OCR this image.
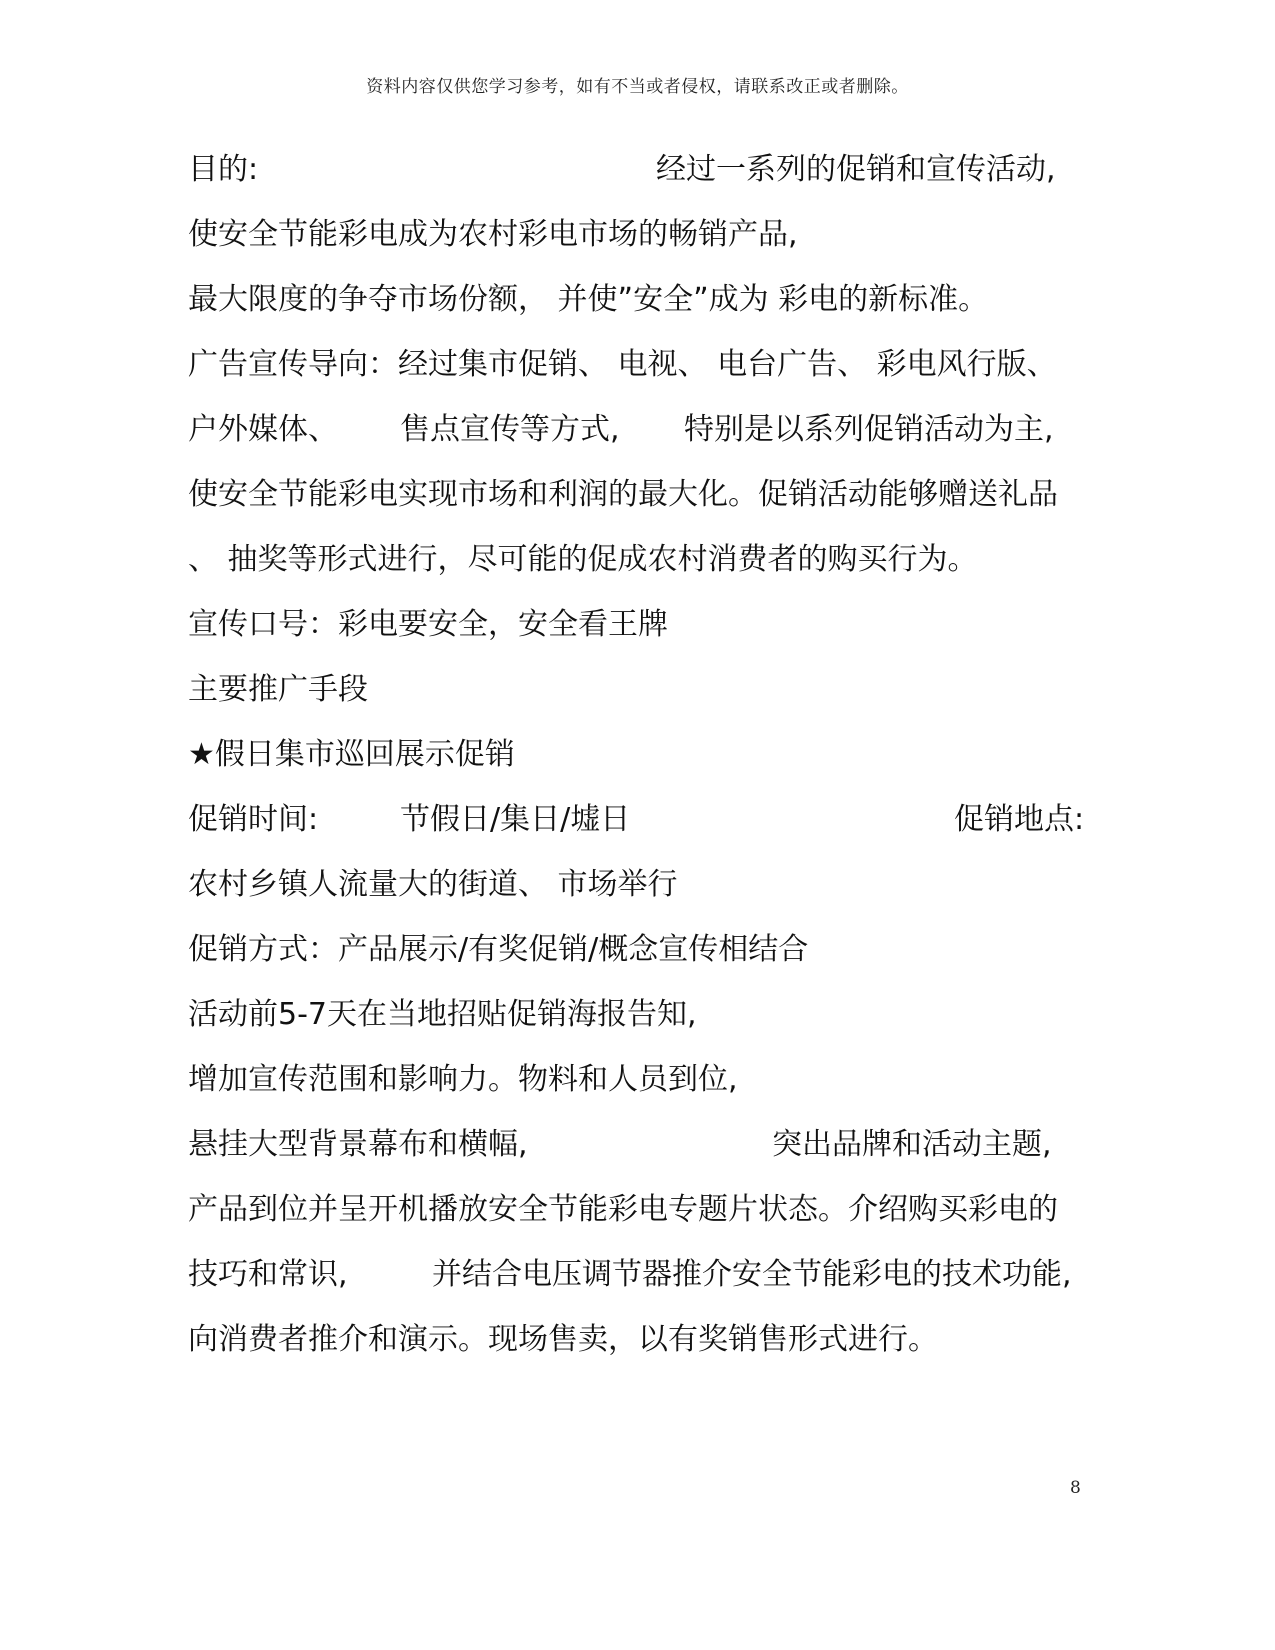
资料内容仅供您学习参考，如有不当或者侵权，请联系改正或者删除。
目的:	经过一系列的促销和宣传活动,
使安全节能彩电成为农村彩电市场的畅销产品,
最大限度的争夺市场份额， 并使”安全”成为 彩电的新标准。
广告宣传导向：经过集市促销、 电视、 电台广告、 彩电风行版、
户外媒体、 售点宣传等方式, 特别是以系列促销活动为主,
使安全节能彩电实现市场和利润的最大化。促销活动能够赠送礼品
、 抽奖等形式进行，尽可能的促成农村消费者的购买行为。
宣传口号：彩电要安全，安全看王牌
主要推广手段
★假日集市巡回展示促销
促销时间:	节假日/集日/墟日	促销地点:
农村乡镇人流量大的街道、 市场举行
促销方式：产品展示/有奖促销/概念宣传相结合
活动前5-7天在当地招贴促销海报告知,
增加宣传范围和影响力。物料和人员到位,
悬挂大型背景幕布和横幅,	突出品牌和活动主题,
产品到位并呈开机播放安全节能彩电专题片状态。介绍购买彩电的
技巧和常识,	并结合电压调节器推介安全节能彩电的技术功能,
向消费者推介和演示。现场售卖，以有奖销售形式进行。
8
